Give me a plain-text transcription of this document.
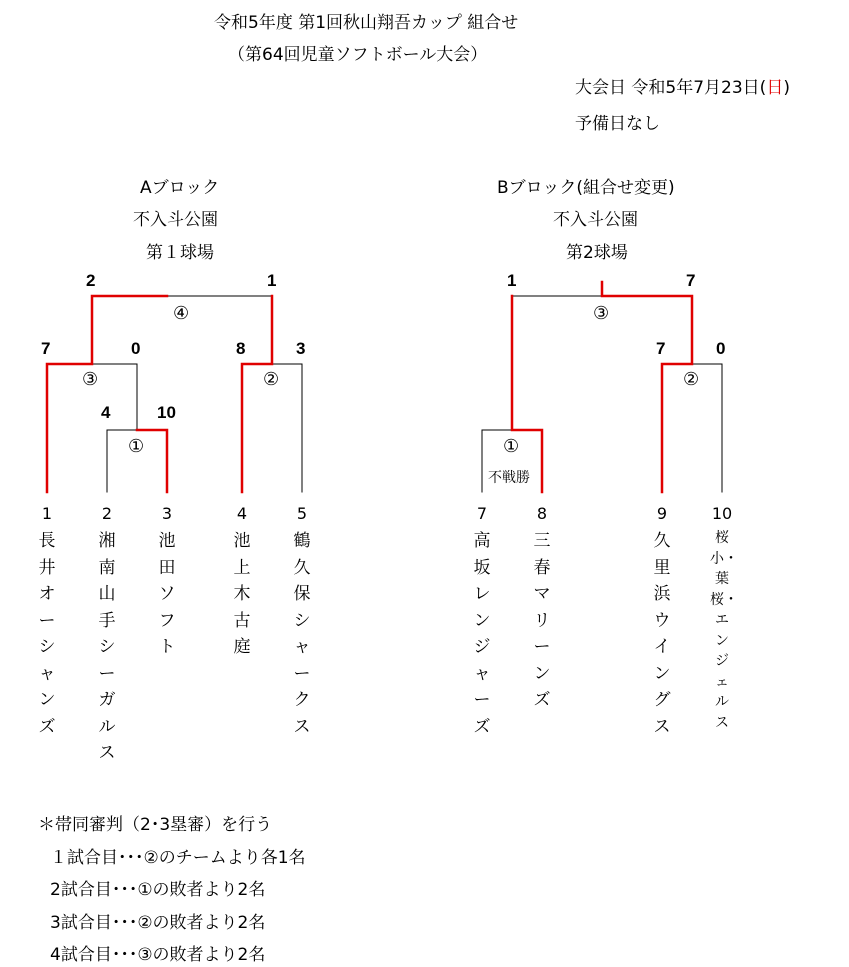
令和5年度 第1回秋山翔吾カップ 組合せ
（第64回児童ソフトボール大会）
大会日 令和5年7月23日(日)
予備日なし
Aブロック
不入斗公園
第１球場
Bブロック(組合せ変更)
不入斗公園
第2球場
2	1
7	0	8	3
4	10
④
③	②
①
1	7
7	0
③
②
①
不戦勝
1
長井オーシャンズ
2
湘南山手シーガルス
3
池田ソフト
4
池上木古庭
5
鶴久保シャークス
7
高坂レンジャーズ
8
三春マリーンズ
9
久里浜ウイングス
10
桜小・葉桜・エンジェルス
＊帯同審判（2･3塁審）を行う
１試合目･･･②のチームより各1名
2試合目･･･①の敗者より2名
3試合目･･･②の敗者より2名
4試合目･･･③の敗者より2名
